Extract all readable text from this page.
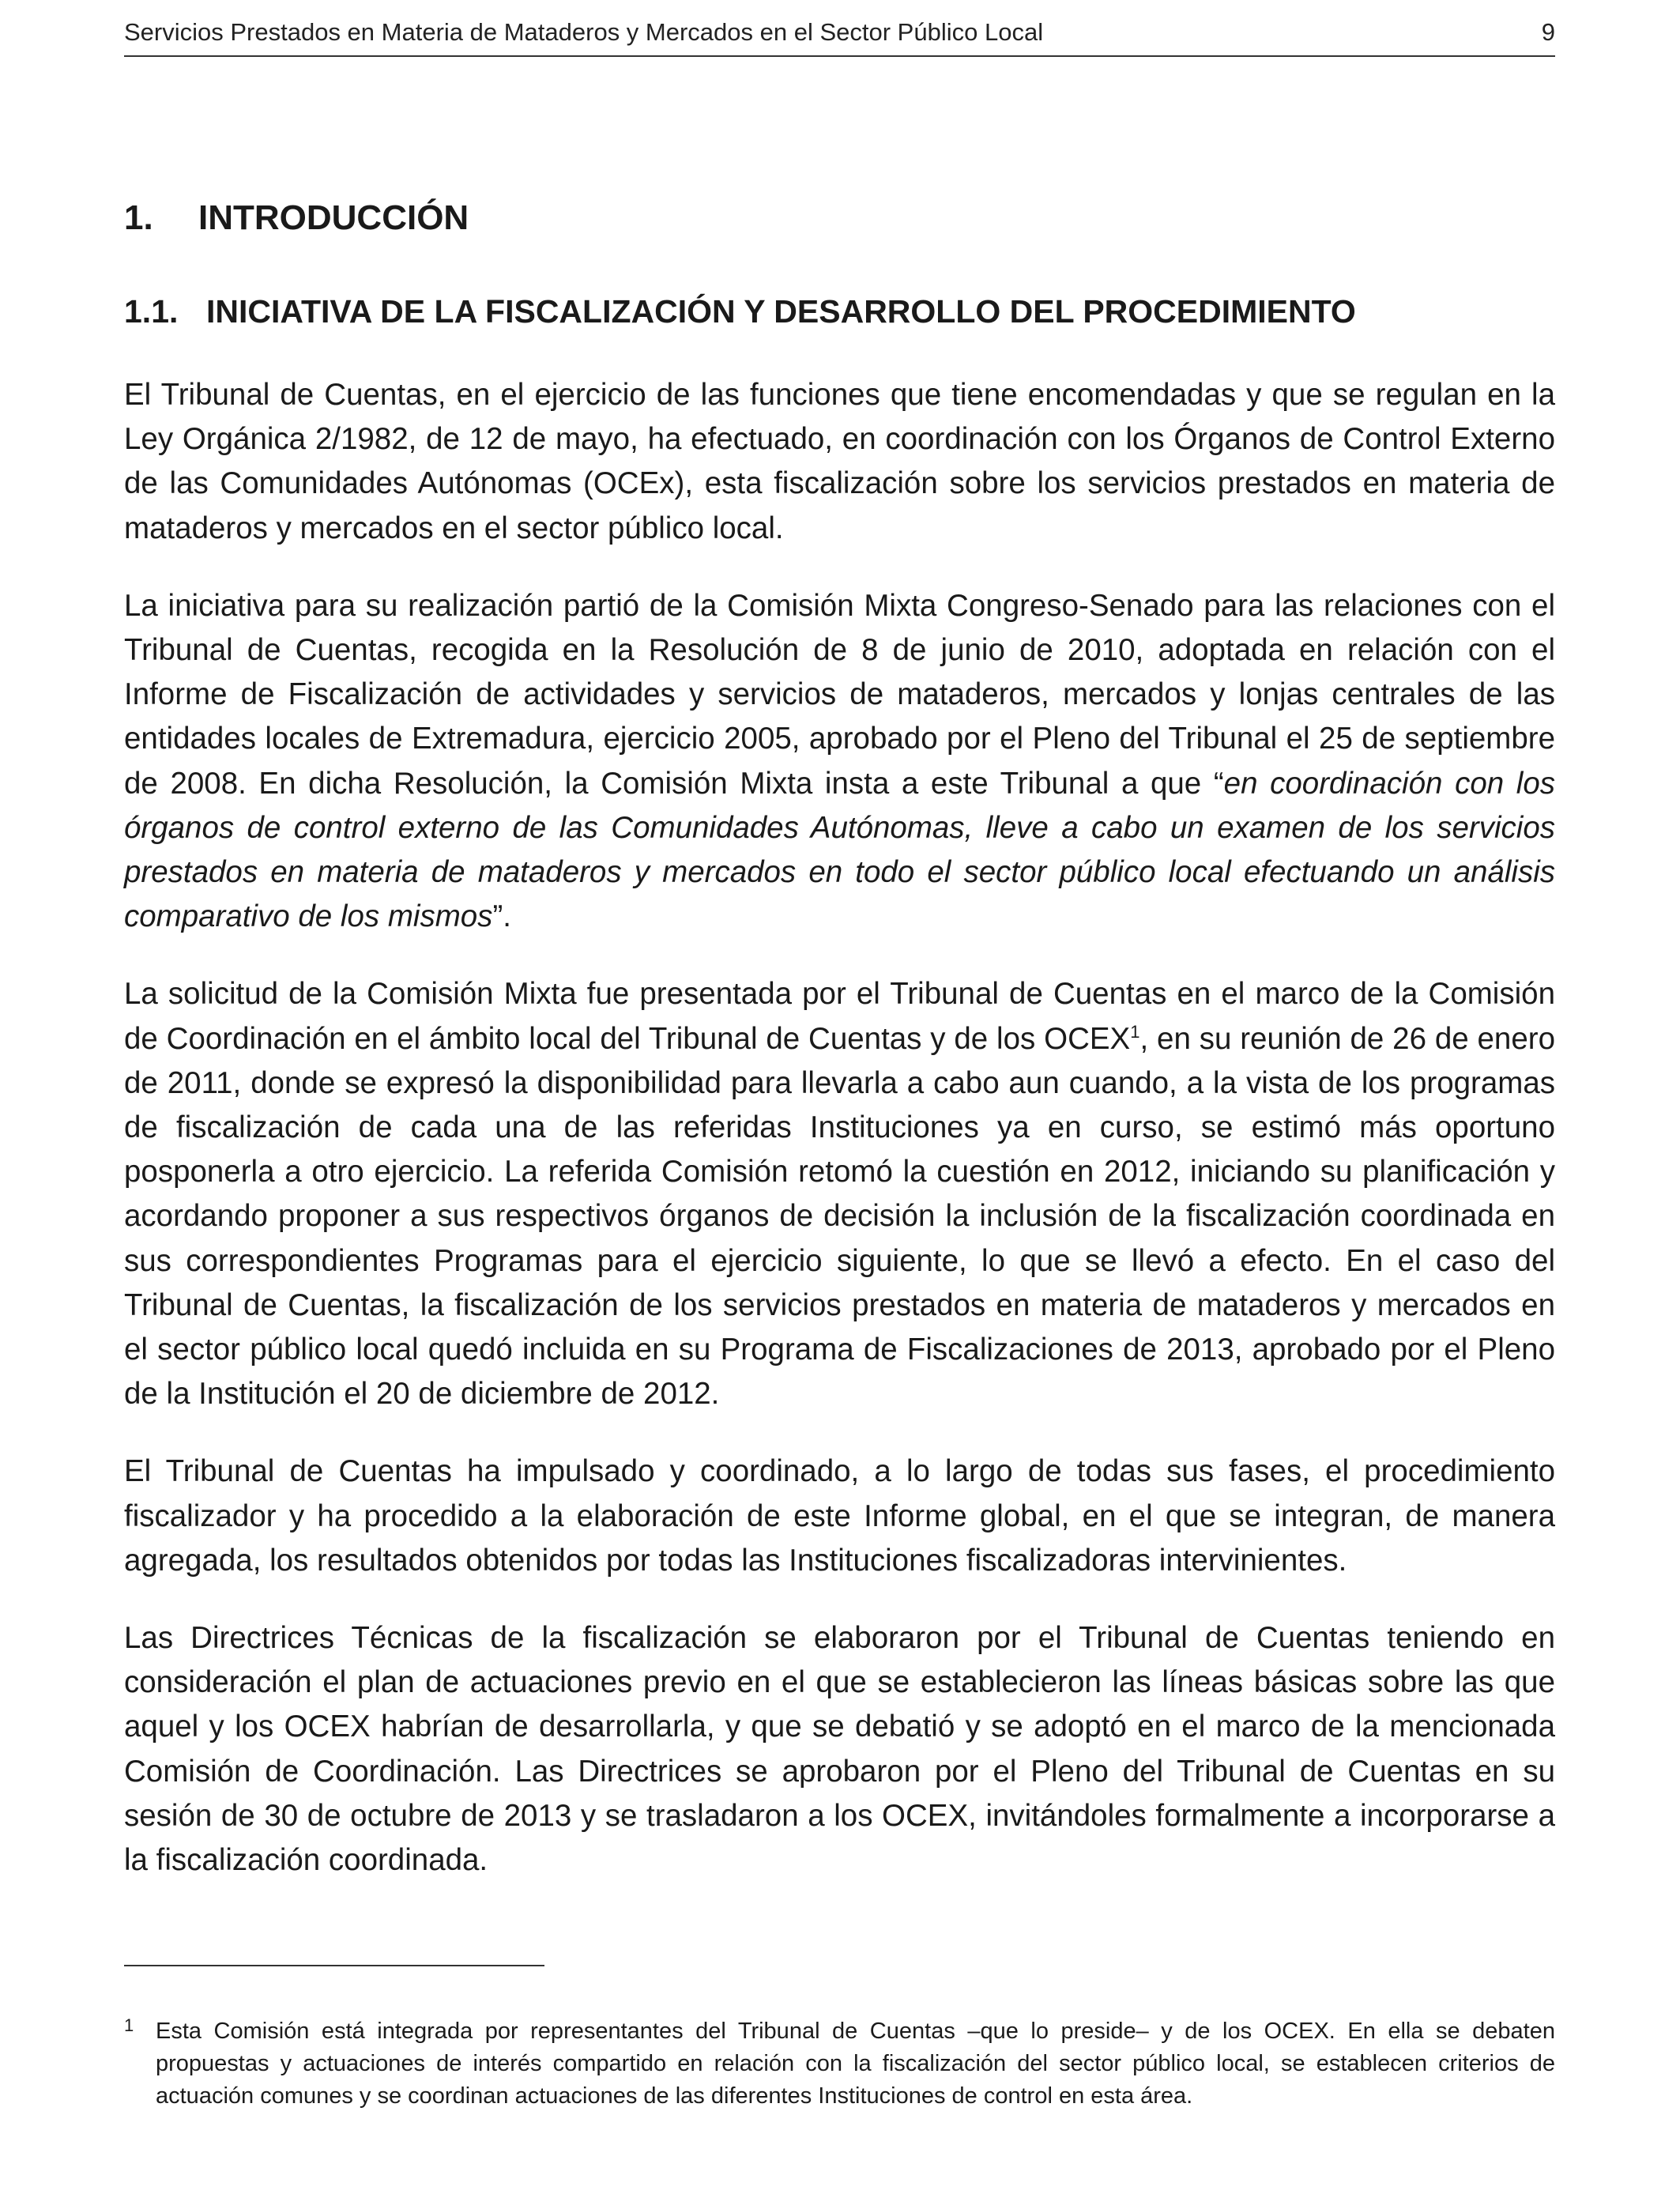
Servicios Prestados en Materia de Mataderos y Mercados en el Sector Público Local	9
1. INTRODUCCIÓN
1.1. INICIATIVA DE LA FISCALIZACIÓN Y DESARROLLO DEL PROCEDIMIENTO

El Tribunal de Cuentas, en el ejercicio de las funciones que tiene encomendadas y que se regulan en la Ley Orgánica 2/1982, de 12 de mayo, ha efectuado, en coordinación con los Órganos de Control Externo de las Comunidades Autónomas (OCEx), esta fiscalización sobre los servicios prestados en materia de mataderos y mercados en el sector público local.

La iniciativa para su realización partió de la Comisión Mixta Congreso-Senado para las relaciones con el Tribunal de Cuentas, recogida en la Resolución de 8 de junio de 2010, adoptada en relación con el Informe de Fiscalización de actividades y servicios de mataderos, mercados y lonjas centrales de las entidades locales de Extremadura, ejercicio 2005, aprobado por el Pleno del Tribunal el 25 de septiembre de 2008. En dicha Resolución, la Comisión Mixta insta a este Tribunal a que “en coordinación con los órganos de control externo de las Comunidades Autónomas, lleve a cabo un examen de los servicios prestados en materia de mataderos y mercados en todo el sector público local efectuando un análisis comparativo de los mismos”.

La solicitud de la Comisión Mixta fue presentada por el Tribunal de Cuentas en el marco de la Comisión de Coordinación en el ámbito local del Tribunal de Cuentas y de los OCEX$^1$, en su reunión de 26 de enero de 2011, donde se expresó la disponibilidad para llevarla a cabo aun cuando, a la vista de los programas de fiscalización de cada una de las referidas Instituciones ya en curso, se estimó más oportuno posponerla a otro ejercicio. La referida Comisión retomó la cuestión en 2012, iniciando su planificación y acordando proponer a sus respectivos órganos de decisión la inclusión de la fiscalización coordinada en sus correspondientes Programas para el ejercicio siguiente, lo que se llevó a efecto. En el caso del Tribunal de Cuentas, la fiscalización de los servicios prestados en materia de mataderos y mercados en el sector público local quedó incluida en su Programa de Fiscalizaciones de 2013, aprobado por el Pleno de la Institución el 20 de diciembre de 2012.

El Tribunal de Cuentas ha impulsado y coordinado, a lo largo de todas sus fases, el procedimiento fiscalizador y ha procedido a la elaboración de este Informe global, en el que se integran, de manera agregada, los resultados obtenidos por todas las Instituciones fiscalizadoras intervinientes.

Las Directrices Técnicas de la fiscalización se elaboraron por el Tribunal de Cuentas teniendo en consideración el plan de actuaciones previo en el que se establecieron las líneas básicas sobre las que aquel y los OCEX habrían de desarrollarla, y que se debatió y se adoptó en el marco de la mencionada Comisión de Coordinación. Las Directrices se aprobaron por el Pleno del Tribunal de Cuentas en su sesión de 30 de octubre de 2013 y se trasladaron a los OCEX, invitándoles formalmente a incorporarse a la fiscalización coordinada.

1 Esta Comisión está integrada por representantes del Tribunal de Cuentas –que lo preside– y de los OCEX. En ella se debaten propuestas y actuaciones de interés compartido en relación con la fiscalización del sector público local, se establecen criterios de actuación comunes y se coordinan actuaciones de las diferentes Instituciones de control en esta área.
